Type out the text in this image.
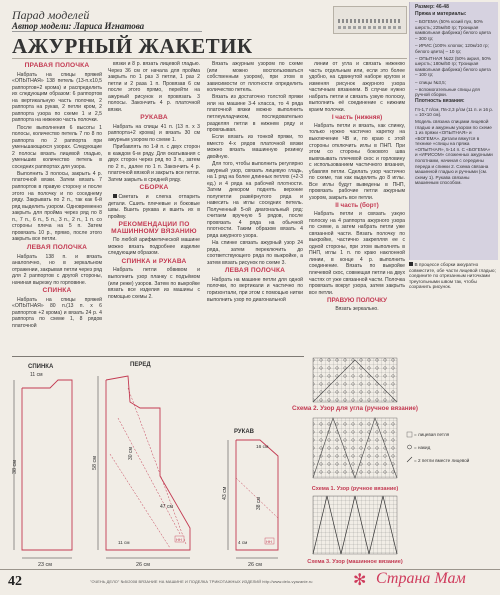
Парад моделей
Автор модели: Лариса Игнатова
АЖУРНЫЙ ЖАКЕТИК
ПРАВАЯ ПОЛОЧКА

Набрать на спицы пряжей «ОПЫТНАЯ» 138 петель (13-п.х10,5 раппортов+2 крома) и распределить их следующим образом: 6 раппортов на вертикальную часть полочки, 2 раппорта на рукав, 2 петли кром, 2 раппорта узора по схеме 1 и 2,5 раппорта на нижнюю часть полочки.

После выполнения 6 высоты 1 полосы, количество петель 7 по 8 по раппорта по 2 раппорта при уменьшающихся узорах. Следующие 2 полосы вязать лицевой гладью, уменьшив количество петель в соседних раппортах для узора.

Выполнить 3 полосы, закрыть 4 р. платочной вязки. Затем вязать 7 раппортов в правую сторону и после этого на полочку и по соседнему ряду. Закрывать по 2 п., так как 6-й ряд выделить узором. Одновременно закрыть для пройма через ряд по 8 п., 7 п., 6 п., 5 п., 3 п., 2 п., 1 п. со стороны плеча на 5 п. Затем провязать 10 р., прямо, после этого закрыть все петли.

ЛЕВАЯ ПОЛОЧКА

Набрать 138 п. и вязать аналогично, но в зеркальном отражении, закрывая петли через ряд для 2 раппортов с другой стороны, начиная вырезку по горловине.

СПИНКА

Набрать на спицы пряжей «ОПЫТНАЯ» 80 п.(13 п. х 6 раппортов +2 крома) и вязать 24 р. 4 раппорта по схеме 1, 8 рядов платочной

вязки и 8 р. вязать лицевой гладью. Через 36 см от начала для пройма закрыть по 1 раз 3 петли, 1 раз 2 петли и 2 раза 1 п. Провязав 6 см после этого прямо, перейти на ажурный рисунок и провязать 3 полосы. Закончить 4 р. платочной вязки.

РУКАВА

Набрать на спицы 41 п. (13 п. х 3 раппорта+2 крома) и вязать 30 см ажурным узором по схеме 1.

Прибавлять по 1-й п. с двух сторон в каждом 6-м ряду. Для окатывания с двух сторон через ряд по 3 п., затем по 2 п., далее по 1 п. Закончить 4 р. платочной вязкой и закрыть все петли. Затем закрыть в средней ряду.

СБОРКА

Сметать и слегка отпарить детали. Сшить плечевые и боковые швы. Вшить рукава и вшить их в пройму.

РЕКОМЕНДАЦИИ ПО МАШИННОМУ ВЯЗАНИЮ

По любой арифметической машине можно вязать подробнее изделие следующим образом.

СПИНКА и РУКАВА

Набрать петли обвивом и выполнить узор планку с подъёмом (или реже) узоров. Затем по выкройке вязать все изделия из машины с помощью схемы 2.

Вязать ажурным узором по схеме (или можно воспользоваться собственным узором), при этом в зависимости от плотности определить количество петель.

Вязать из достаточно толстой пряжи или на машине 3-4 класса, то 4 ряда платочной вязки можно выполнить петлеукладчиком, последовательно разделяя петли в нижнем ряду и провязывая.

Если вязать из тонкой пряжи, то вместо 4-х рядов платочной вязки можно вязать машинную резинку двойную.

Для того, чтобы выполнить регулярно ажурный узор, связать лицевую гладь, на 1 ряд на более длинных петлях (+2-3 ед.) и 4 ряда на рабочей плотности. Затем декором поднять верхние полупетли развёрнутого ряда и навесить на иглы соседних петель. Полученный 5-ой диагональный ряд: считаем вручную 5 рядов, после провязать 4 ряда на обычной плотности. Таким образом вязать 4 ряда ажурного узора.

На спинке связать ажурный узор 24 ряда, затем переключить до соответствующего ряда по выкройке, а затем вязать рисунок по схеме 3.

ЛЕВАЯ ПОЛОЧКА

Набрать на машине петли для одной полочки, по вертикали и частично по горизонтали, при этом с помощью нитки выполнить узор по диагональной

линии от угла и связать нижнюю часть отдельным или, если это более удобно, на сдвинутой наборе кругом и изменяя рисунок ажурного узора частичным вязанием. В случае нужно набрать петли и связать узкую полоску, выполнить её соединение с нижним краем полочки.

I часть (нижняя)

Набрать петли и вязать, как спинку, только нужно частично каретку на выключение ЧВ и, по краю с этой стороны отключить иглы в ПНП. При этом со стороны бокового шва вывязывать плечевой скос и горловину с использованием частичного вязания, убавляя петли. Сделать узор частично по схеме, так как выделить до 8 иглы. Все иглы будут выведены в ПНП, провязать рабочие петли ажурным узором, закрыть все петли.

II часть (борт)

Набрать петли и связать узкую полоску на 4 раппорта ажурного узора по схеме, а затем набрать петли уже связанной части. Вязать полочку по выкройке, частично закрепляя ее с одной стороны, при этом выполнять в ПНП, иглы 1 п. по краю наклонной линии, в конце 4 р. выполнить соединение. Вязать по выкройке плечевой скос, совмещая петли на двух частях от уже связанной части. Полочка провязать вокруг узора, затем закрыть все петли.

ПРАВУЮ ПОЛОЧКУ

Вязать зеркально.

Размер: 46-48

Пряжа и материалы:

– БОГЕМА (50% козий пух, 50% шерсть; 225м/50 гр; Троицкая камвольная фабрика) белого цвета – 300 гр;

– ИРИС (100% хлопок; 120м/10 гр; белого цвета) – 10 гр;

– ОПЫТНАЯ №22 (50% акрил, 50% шерсть; 180м/50 гр; Троицкая камвольная фабрика) белого цвета – 100 гр;

– спицы №3,5;

– вспомогательные спицы для ручной сборки.

Плотность вязания:

Гп-1,7 п/см, Пв-2,3 р/см (11 п. и 16 р. = 10×10 см).

Модель связана спицами лицевой гладью и ажурным узором по схеме 1 из пряжи «ОПЫТНАЯ» и «БОГЕМА». Детали вяжутся в технике «спицы на пряжа «ОПЫТНАЯ», 5-14 п. С «БОГЕМА» и «ИРИСОМ» сложенных ажурными полотнами, начиная с середины переда и спинки 2. Схема связана машинной гладью и ручными (см. схему 1). Рукава связаны машинным способом.

В процессе сборки аккуратно совместите, обе части лицевой гладью; соедините по отрезанным ниточками треугольными швом так, чтобы сохранить рисунок.

СПИНКА
38 см
23 см
11 см
ПЕРЕД
58 см
30 см
26 см
47 см
HH
11 см
РУКАВ
43 см
38 см
26 см
16 см
HH
4 см
Схема 2. Узор для угла (ручное вязание)
Схема 1. Узор (ручное вязание)
Схема 3. Узор (машинное вязание)
= лицевая петля
= накид
= 2 петли вместе лицевой
42	"ОЧЕНЬ ДЕЛО" №5/2008 ВЯЗАНИЕ НА МАШИНЕ И ПОДЕЛКА ТРИКОТАЖНЫХ ИЗДЕЛИЙ http://www.delo-vyazanie.ru	✻ Страна Мам
